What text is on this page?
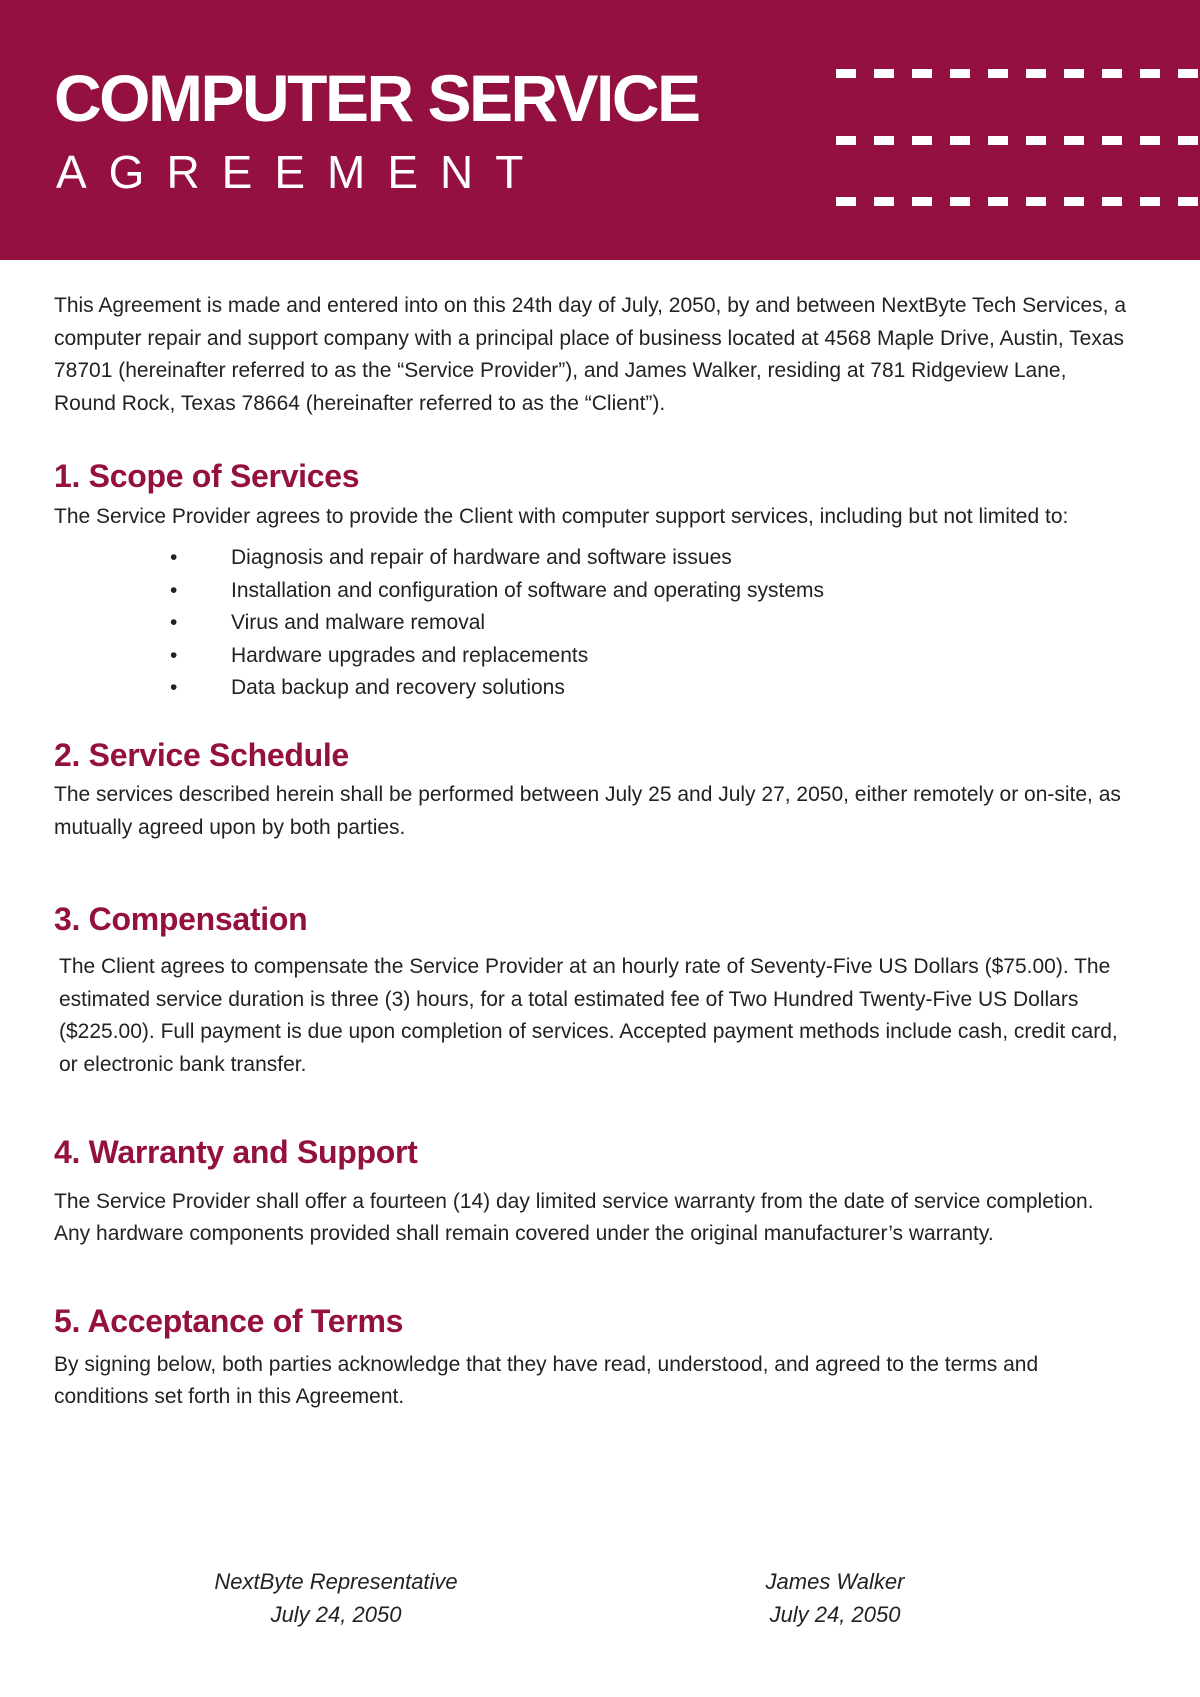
COMPUTER SERVICE
AGREEMENT

This Agreement is made and entered into on this 24th day of July, 2050, by and between NextByte Tech Services, a computer repair and support company with a principal place of business located at 4568 Maple Drive, Austin, Texas 78701 (hereinafter referred to as the “Service Provider”), and James Walker, residing at 781 Ridgeview Lane, Round Rock, Texas 78664 (hereinafter referred to as the “Client”).

1. Scope of Services

The Service Provider agrees to provide the Client with computer support services, including but not limited to:

•	Diagnosis and repair of hardware and software issues
•	Installation and configuration of software and operating systems
•	Virus and malware removal
•	Hardware upgrades and replacements
•	Data backup and recovery solutions
2. Service Schedule

The services described herein shall be performed between July 25 and July 27, 2050, either remotely or on-site, as mutually agreed upon by both parties.

3. Compensation

The Client agrees to compensate the Service Provider at an hourly rate of Seventy-Five US Dollars ($75.00). The estimated service duration is three (3) hours, for a total estimated fee of Two Hundred Twenty-Five US Dollars ($225.00). Full payment is due upon completion of services. Accepted payment methods include cash, credit card, or electronic bank transfer.

4. Warranty and Support

The Service Provider shall offer a fourteen (14) day limited service warranty from the date of service completion. Any hardware components provided shall remain covered under the original manufacturer’s warranty.

5. Acceptance of Terms

By signing below, both parties acknowledge that they have read, understood, and agreed to the terms and conditions set forth in this Agreement.

NextByte Representative
July 24, 2050
James Walker
July 24, 2050
